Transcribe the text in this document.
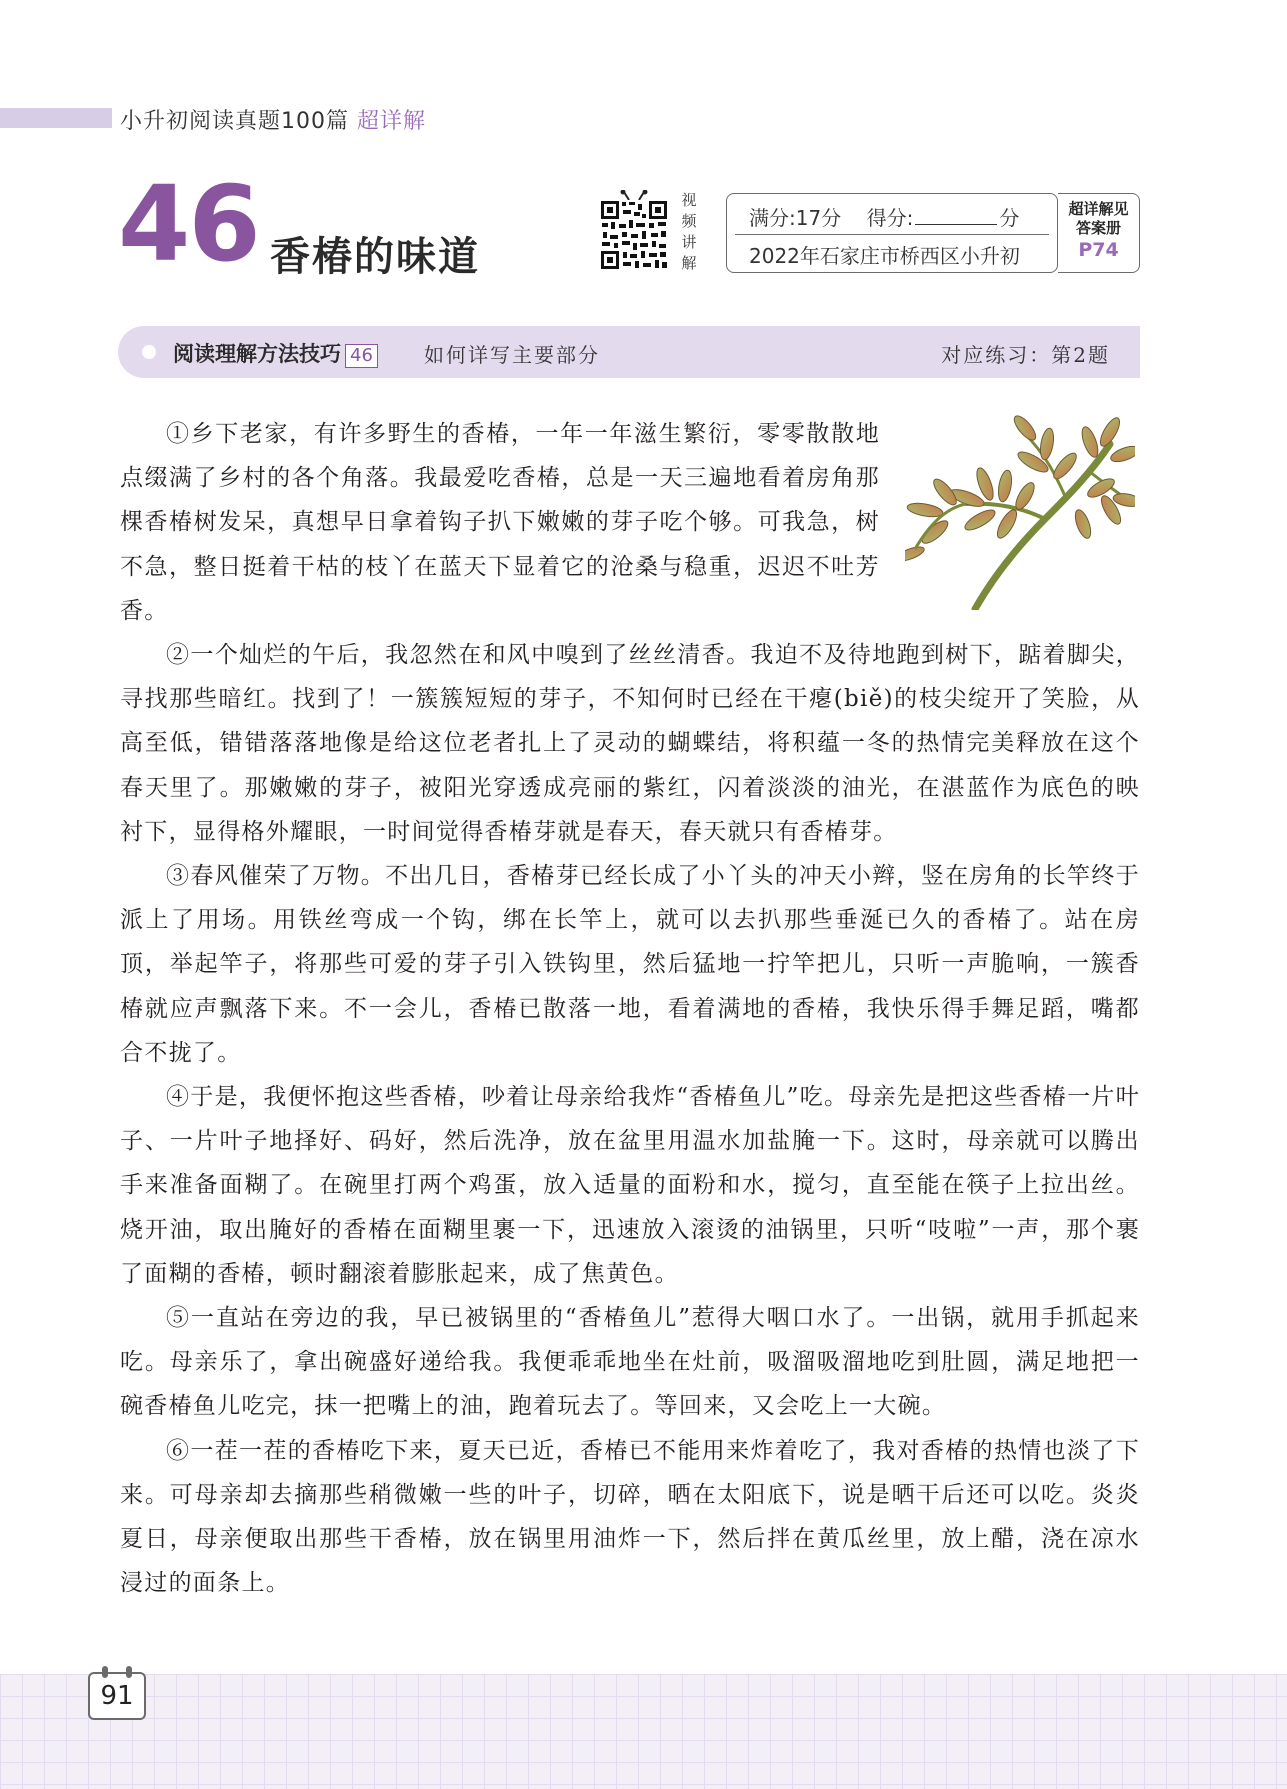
小升初阅读真题100篇 超详解
46 香椿的味道
视
频
讲
解
满分:17分 得分:	分
2022年石家庄市桥西区小升初
超详解见
答案册
P74
阅读理解方法技巧 46	如何详写主要部分	对应练习：第2题

①乡下老家，有许多野生的香椿，一年一年滋生繁衍，零零散散地点缀满了乡村的各个角落。我最爱吃香椿，总是一天三遍地看着房角那棵香椿树发呆，真想早日拿着钩子扒下嫩嫩的芽子吃个够。可我急，树不急，整日挺着干枯的枝丫在蓝天下显着它的沧桑与稳重，迟迟不吐芳香。

②一个灿烂的午后，我忽然在和风中嗅到了丝丝清香。我迫不及待地跑到树下，踮着脚尖，寻找那些暗红。找到了！一簇簇短短的芽子，不知何时已经在干瘪(biě)的枝尖绽开了笑脸，从高至低，错错落落地像是给这位老者扎上了灵动的蝴蝶结，将积蕴一冬的热情完美释放在这个春天里了。那嫩嫩的芽子，被阳光穿透成亮丽的紫红，闪着淡淡的油光，在湛蓝作为底色的映衬下，显得格外耀眼，一时间觉得香椿芽就是春天，春天就只有香椿芽。

③春风催荣了万物。不出几日，香椿芽已经长成了小丫头的冲天小辫，竖在房角的长竿终于派上了用场。用铁丝弯成一个钩，绑在长竿上，就可以去扒那些垂涎已久的香椿了。站在房顶，举起竿子，将那些可爱的芽子引入铁钩里，然后猛地一拧竿把儿，只听一声脆响，一簇香椿就应声飘落下来。不一会儿，香椿已散落一地，看着满地的香椿，我快乐得手舞足蹈，嘴都合不拢了。

④于是，我便怀抱这些香椿，吵着让母亲给我炸“香椿鱼儿”吃。母亲先是把这些香椿一片叶子、一片叶子地择好、码好，然后洗净，放在盆里用温水加盐腌一下。这时，母亲就可以腾出手来准备面糊了。在碗里打两个鸡蛋，放入适量的面粉和水，搅匀，直至能在筷子上拉出丝。烧开油，取出腌好的香椿在面糊里裹一下，迅速放入滚烫的油锅里，只听“吱啦”一声，那个裹了面糊的香椿，顿时翻滚着膨胀起来，成了焦黄色。

⑤一直站在旁边的我，早已被锅里的“香椿鱼儿”惹得大咽口水了。一出锅，就用手抓起来吃。母亲乐了，拿出碗盛好递给我。我便乖乖地坐在灶前，吸溜吸溜地吃到肚圆，满足地把一碗香椿鱼儿吃完，抹一把嘴上的油，跑着玩去了。等回来，又会吃上一大碗。

⑥一茬一茬的香椿吃下来，夏天已近，香椿已不能用来炸着吃了，我对香椿的热情也淡了下来。可母亲却去摘那些稍微嫩一些的叶子，切碎，晒在太阳底下，说是晒干后还可以吃。炎炎夏日，母亲便取出那些干香椿，放在锅里用油炸一下，然后拌在黄瓜丝里，放上醋，浇在凉水浸过的面条上。

91
